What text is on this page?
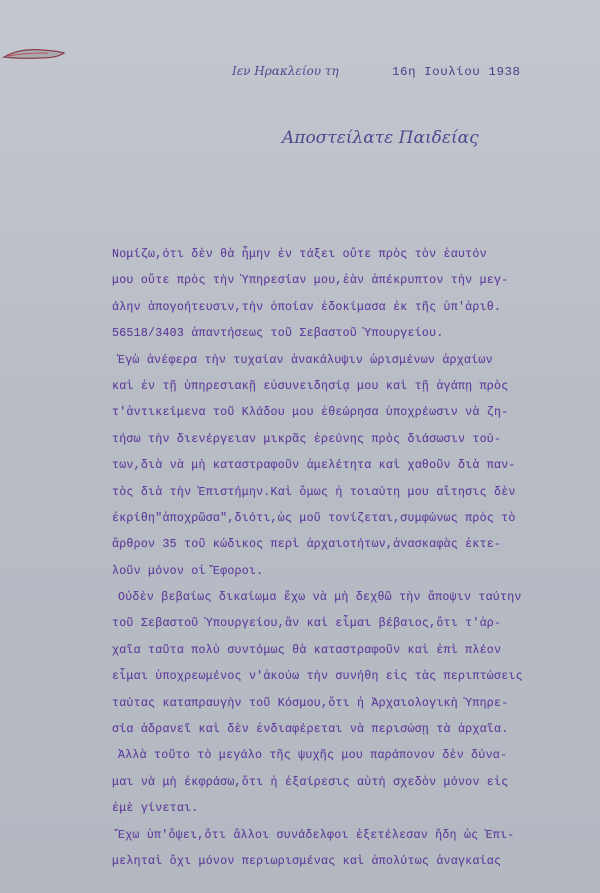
Ιεν Ηρακλείου τη	16η Ιουλίου 1938
Αποστείλατε Παιδείας
Νομίζω,ότι δὲν θὰ ἦμην ἐν τάξει οὔτε πρὸς τὸν ἑαυτόν
μου οὔτε πρὸς τὴν Ὑπηρεσίαν μου,ἐὰν ἀπέκρυπτον τὴν μεγ-
άλην ἀπογοήτευσιν,τὴν ὁποίαν ἐδοκίμασα ἐκ τῆς ὑπ'ἀριθ.
56518/3403 ἀπαντήσεως τοῦ Σεβαστοῦ Ὑπουργείου.
Ἐγὼ ἀνέφερα τὴν τυχαίαν ἀνακάλυψιν ὡρισμένων ἀρχαίων
καὶ ἐν τῇ ὑπηρεσιακῇ εὐσυνειδησίᾳ μου καὶ τῇ ἀγάπῃ πρὸς
τ'ἀντικείμενα τοῦ Κλάδου μου ἐθεώρησα ὑποχρέωσιν νὰ ζη-
τήσω τὴν διενέργειαν μικρᾶς ἐρεύνης πρὸς διάσωσιν τού-
των,διὰ νὰ μὴ καταστραφοῦν ἀμελέτητα καὶ χαθοῦν διὰ παν-
τὸς διὰ τὴν Ἐπιστήμην.Καὶ ὅμως ἡ τοιαύτη μου αἴτησις δὲν
ἐκρίθη"ἀποχρῶσα",διότι,ὡς μοῦ τονίζεται,συμφώνως πρὸς τὸ
ἄρθρον 35 τοῦ κώδικος περὶ ἀρχαιοτήτων,ἀνασκαφὰς ἐκτε-
λοῦν μόνον οἱ Ἔφοροι.
Οὐδὲν βεβαίως δικαίωμα ἔχω νὰ μὴ δεχθῶ τὴν ἄποψιν ταύτην
τοῦ Σεβαστοῦ Ὑπουργείου,ἂν καὶ εἶμαι βέβαιος,ὅτι τ'ἀρ-
χαῖα ταῦτα πολὺ συντόμως θὰ καταστραφοῦν καὶ ἐπὶ πλέον
εἶμαι ὑποχρεωμένος ν'ἀκούω τὴν συνήθη εἰς τὰς περιπτώσεις
ταύτας καταπραυγὴν τοῦ Κόσμου,ὅτι ἡ Ἀρχαιολογικὴ Ὑπηρε-
σία ἀδρανεῖ καὶ δὲν ἐνδιαφέρεται νὰ περισώσῃ τὰ ἀρχαῖα.
Ἀλλὰ τοῦτο τὸ μεγάλο τῆς ψυχῆς μου παράπονον δὲν δύνα-
μαι νὰ μὴ ἐκφράσω,ὅτι ἡ ἐξαίρεσις αὐτὴ σχεδὸν μόνον εἰς
ἐμὲ γίνεται.
Ἔχω ὑπ'ὄψει,ὅτι ἄλλοι συνάδελφοι ἐξετέλεσαν ἤδη ὡς Ἐπι-
μεληταὶ ὄχι μόνον περιωρισμένας καὶ ἀπολύτως ἀναγκαίας
